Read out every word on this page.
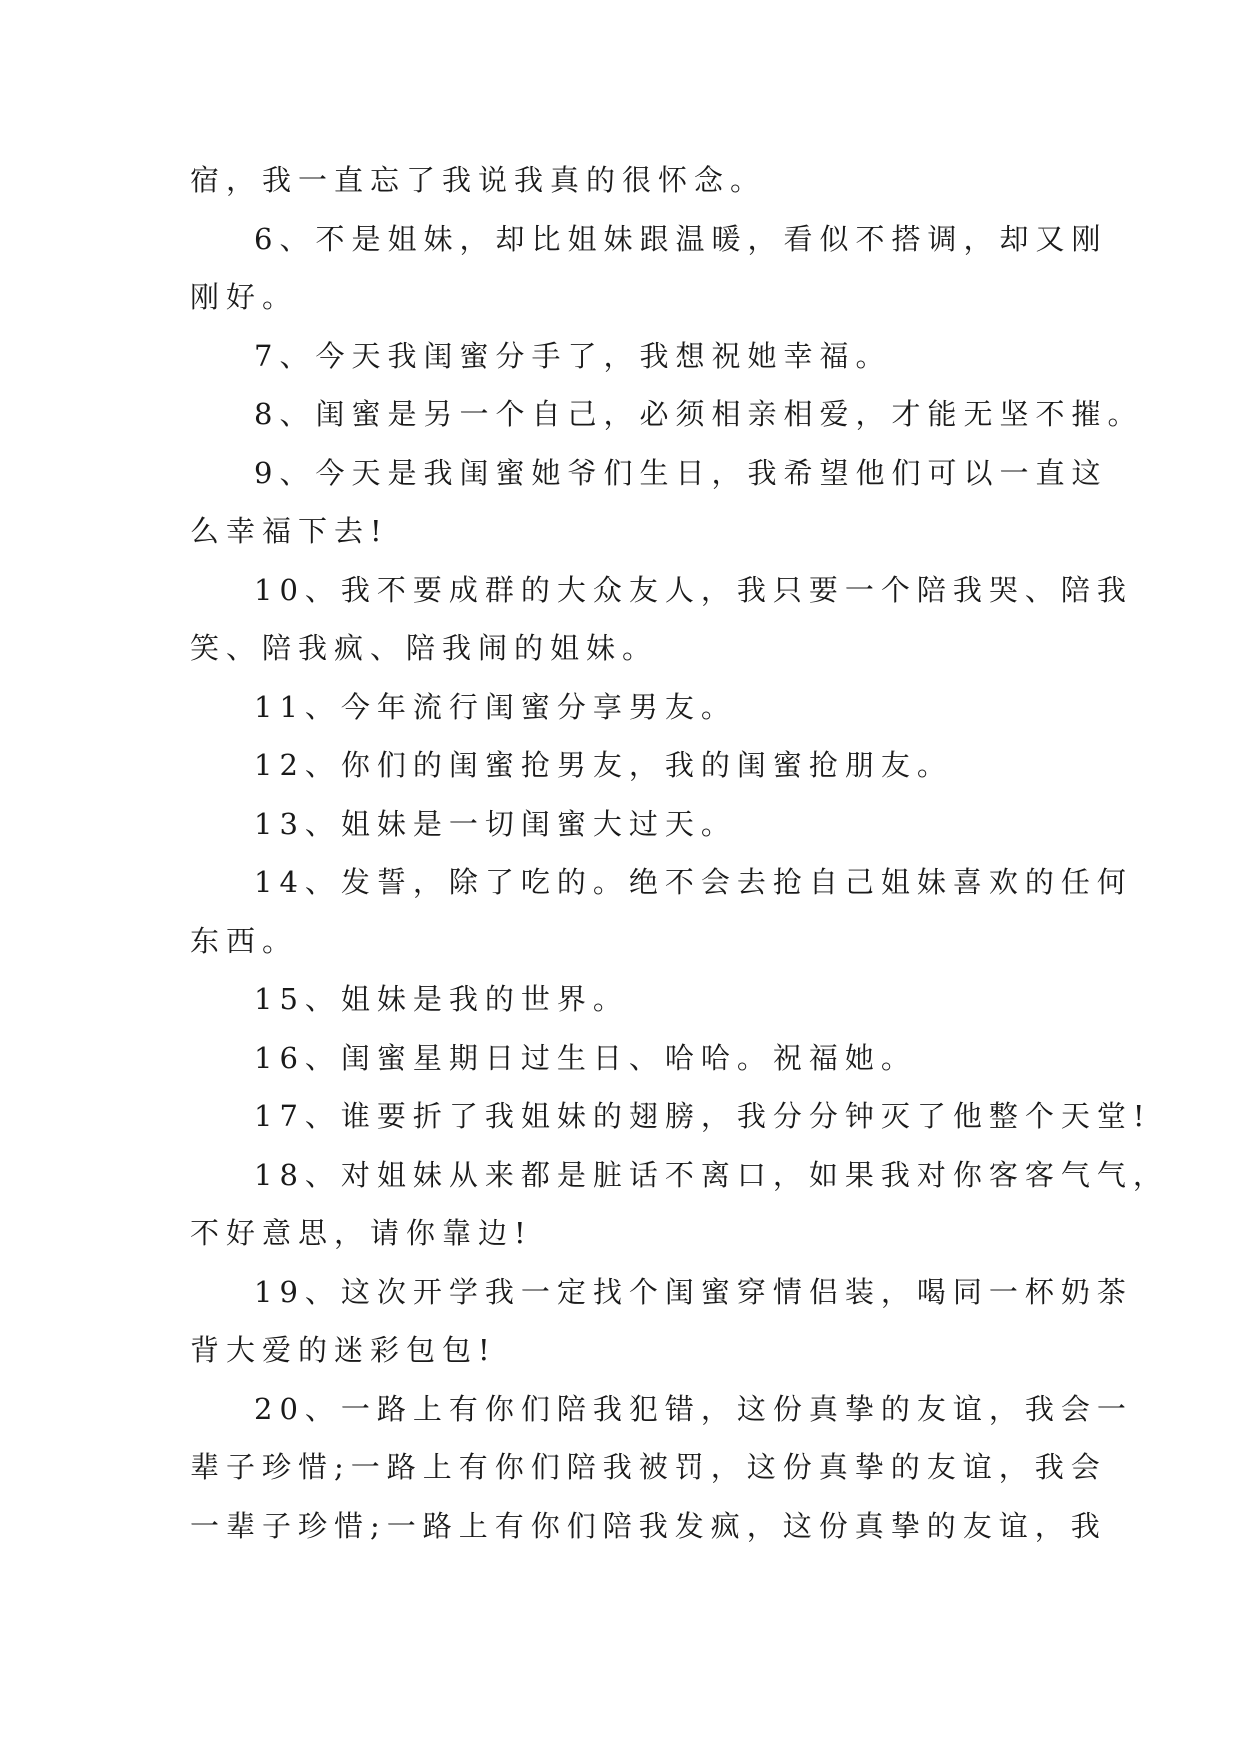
宿，我一直忘了我说我真的很怀念。
6、不是姐妹，却比姐妹跟温暖，看似不搭调，却又刚
刚好。
7、今天我闺蜜分手了，我想祝她幸福。
8、闺蜜是另一个自己，必须相亲相爱，才能无坚不摧。
9、今天是我闺蜜她爷们生日，我希望他们可以一直这
么幸福下去!
10、我不要成群的大众友人，我只要一个陪我哭、陪我
笑、陪我疯、陪我闹的姐妹。
11、今年流行闺蜜分享男友。
12、你们的闺蜜抢男友，我的闺蜜抢朋友。
13、姐妹是一切闺蜜大过天。
14、发誓，除了吃的。绝不会去抢自己姐妹喜欢的任何
东西。
15、姐妹是我的世界。
16、闺蜜星期日过生日、哈哈。祝福她。
17、谁要折了我姐妹的翅膀，我分分钟灭了他整个天堂!
18、对姐妹从来都是脏话不离口，如果我对你客客气气，
不好意思，请你靠边!
19、这次开学我一定找个闺蜜穿情侣装，喝同一杯奶茶
背大爱的迷彩包包!
20、一路上有你们陪我犯错，这份真挚的友谊，我会一
辈子珍惜;一路上有你们陪我被罚，这份真挚的友谊，我会
一辈子珍惜;一路上有你们陪我发疯，这份真挚的友谊，我
